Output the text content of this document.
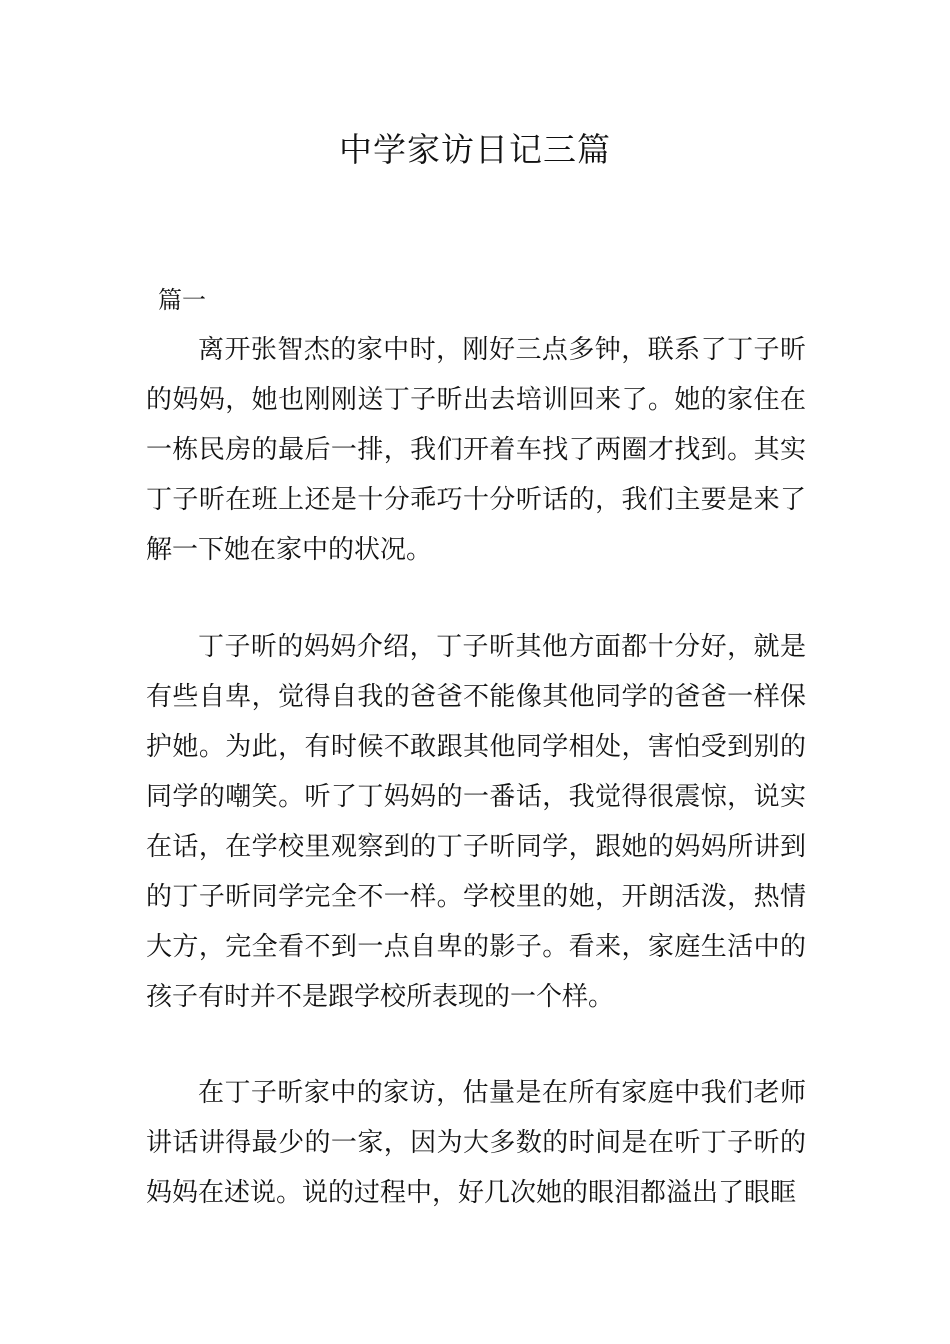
中学家访日记三篇

篇一

离开张智杰的家中时，刚好三点多钟，联系了丁子昕的妈妈，她也刚刚送丁子昕出去培训回来了。她的家住在一栋民房的最后一排，我们开着车找了两圈才找到。其实丁子昕在班上还是十分乖巧十分听话的，我们主要是来了解一下她在家中的状况。

丁子昕的妈妈介绍，丁子昕其他方面都十分好，就是有些自卑，觉得自我的爸爸不能像其他同学的爸爸一样保护她。为此，有时候不敢跟其他同学相处，害怕受到别的同学的嘲笑。听了丁妈妈的一番话，我觉得很震惊，说实在话，在学校里观察到的丁子昕同学，跟她的妈妈所讲到的丁子昕同学完全不一样。学校里的她，开朗活泼，热情大方，完全看不到一点自卑的影子。看来，家庭生活中的孩子有时并不是跟学校所表现的一个样。

在丁子昕家中的家访，估量是在所有家庭中我们老师讲话讲得最少的一家，因为大多数的时间是在听丁子昕的妈妈在述说。说的过程中，好几次她的眼泪都溢出了眼眶
